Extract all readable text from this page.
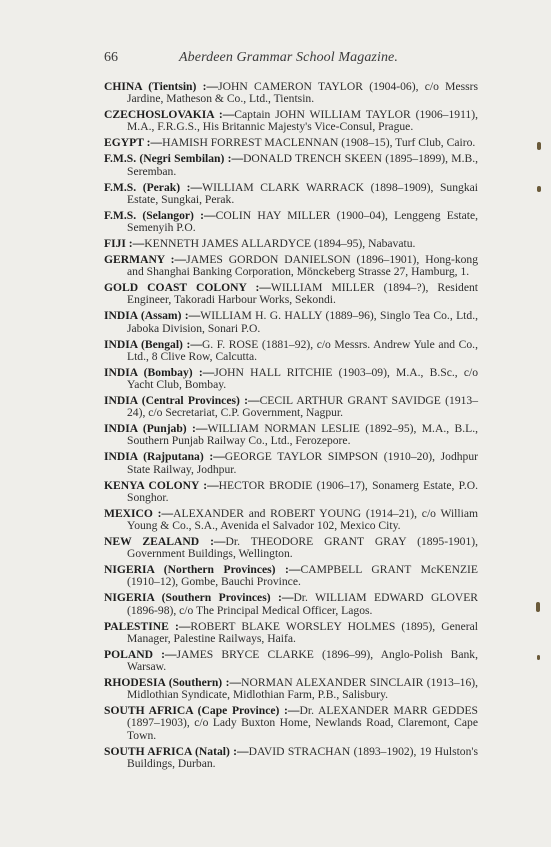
66	Aberdeen Grammar School Magazine.

CHINA (Tientsin) :—JOHN CAMERON TAYLOR (1904-06), c/o Messrs Jardine, Matheson & Co., Ltd., Tientsin.

CZECHOSLOVAKIA :—Captain JOHN WILLIAM TAYLOR (1906–1911), M.A., F.R.G.S., His Britannic Majesty's Vice-Consul, Prague.

EGYPT :—HAMISH FORREST MACLENNAN (1908–15), Turf Club, Cairo.

F.M.S. (Negri Sembilan) :—DONALD TRENCH SKEEN (1895–1899), M.B., Seremban.

F.M.S. (Perak) :—WILLIAM CLARK WARRACK (1898–1909), Sungkai Estate, Sungkai, Perak.

F.M.S. (Selangor) :—COLIN HAY MILLER (1900–04), Lenggeng Estate, Semenyih P.O.

FIJI :—KENNETH JAMES ALLARDYCE (1894–95), Nabavatu.

GERMANY :—JAMES GORDON DANIELSON (1896–1901), Hong-kong and Shanghai Banking Corporation, Mönckeberg Strasse 27, Hamburg, 1.

GOLD COAST COLONY :—WILLIAM MILLER (1894–?), Resident Engineer, Takoradi Harbour Works, Sekondi.

INDIA (Assam) :—WILLIAM H. G. HALLY (1889–96), Singlo Tea Co., Ltd., Jaboka Division, Sonari P.O.

INDIA (Bengal) :—G. F. ROSE (1881–92), c/o Messrs. Andrew Yule and Co., Ltd., 8 Clive Row, Calcutta.

INDIA (Bombay) :—JOHN HALL RITCHIE (1903–09), M.A., B.Sc., c/o Yacht Club, Bombay.

INDIA (Central Provinces) :—CECIL ARTHUR GRANT SAVIDGE (1913–24), c/o Secretariat, C.P. Government, Nagpur.

INDIA (Punjab) :—WILLIAM NORMAN LESLIE (1892–95), M.A., B.L., Southern Punjab Railway Co., Ltd., Ferozepore.

INDIA (Rajputana) :—GEORGE TAYLOR SIMPSON (1910–20), Jodhpur State Railway, Jodhpur.

KENYA COLONY :—HECTOR BRODIE (1906–17), Sonamerg Estate, P.O. Songhor.

MEXICO :—ALEXANDER and ROBERT YOUNG (1914–21), c/o William Young & Co., S.A., Avenida el Salvador 102, Mexico City.

NEW ZEALAND :—Dr. THEODORE GRANT GRAY (1895-1901), Government Buildings, Wellington.

NIGERIA (Northern Provinces) :—CAMPBELL GRANT McKENZIE (1910–12), Gombe, Bauchi Province.

NIGERIA (Southern Provinces) :—Dr. WILLIAM EDWARD GLOVER (1896-98), c/o The Principal Medical Officer, Lagos.

PALESTINE :—ROBERT BLAKE WORSLEY HOLMES (1895), General Manager, Palestine Railways, Haifa.

POLAND :—JAMES BRYCE CLARKE (1896–99), Anglo-Polish Bank, Warsaw.

RHODESIA (Southern) :—NORMAN ALEXANDER SINCLAIR (1913–16), Midlothian Syndicate, Midlothian Farm, P.B., Salisbury.

SOUTH AFRICA (Cape Province) :—Dr. ALEXANDER MARR GEDDES (1897–1903), c/o Lady Buxton Home, Newlands Road, Claremont, Cape Town.

SOUTH AFRICA (Natal) :—DAVID STRACHAN (1893–1902), 19 Hulston's Buildings, Durban.
